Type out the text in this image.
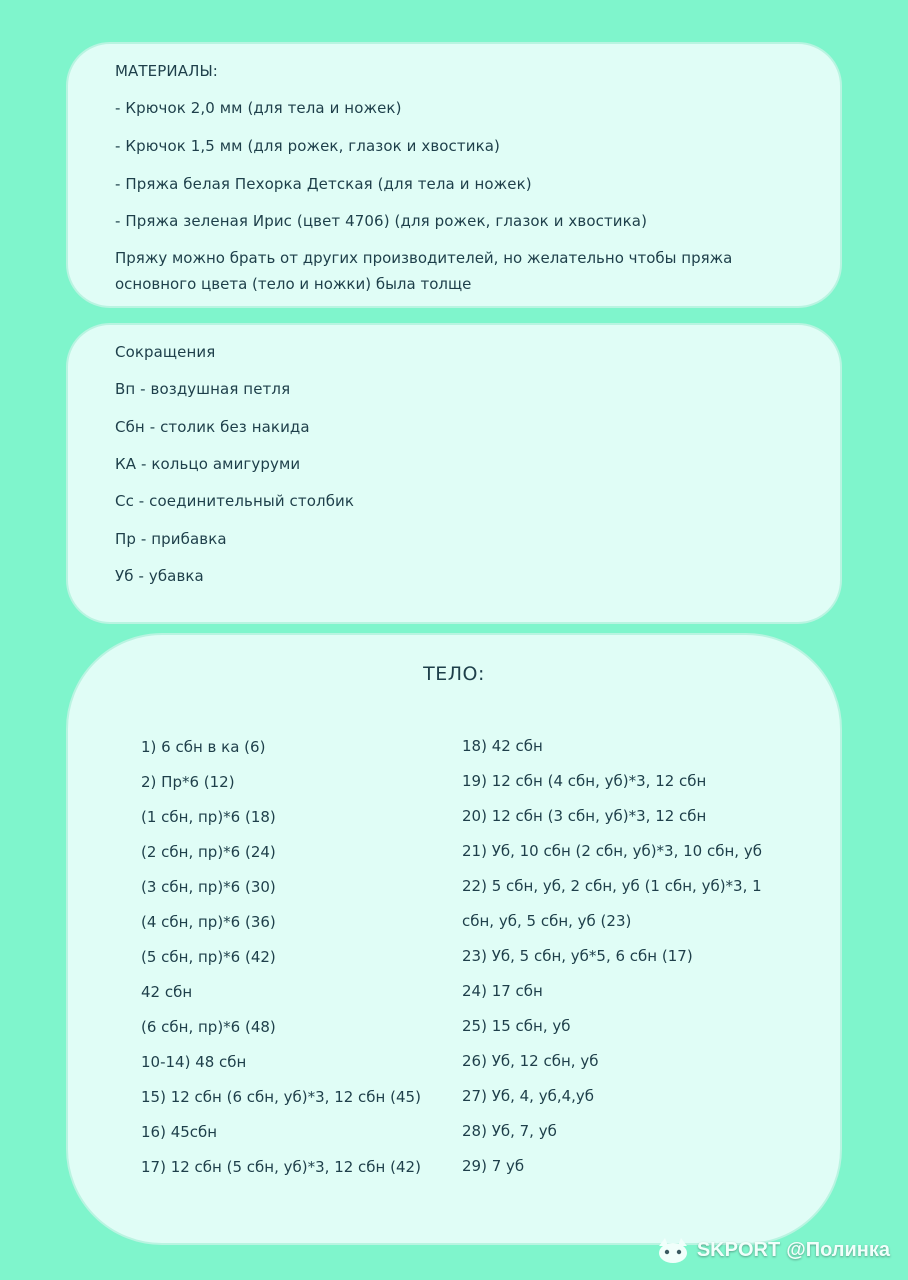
МАТЕРИАЛЫ:
- Крючок 2,0 мм (для тела и ножек)
- Крючок 1,5 мм (для рожек, глазок и хвостика)
- Пряжа белая Пехорка Детская (для тела и ножек)
- Пряжа зеленая Ирис (цвет 4706) (для рожек, глазок и хвостика)
Пряжу можно брать от других производителей, но желательно чтобы пряжа основного цвета (тело и ножки) была толще
Сокращения
Вп - воздушная петля
Сбн - столик без накида
КА - кольцо амигуруми
Сс - соединительный столбик
Пр - прибавка
Уб - убавка
ТЕЛО:
1) 6 сбн в ка (6)
2) Пр*6 (12)
(1 сбн, пр)*6 (18)
(2 сбн, пр)*6 (24)
(3 сбн, пр)*6 (30)
(4 сбн, пр)*6 (36)
(5 сбн, пр)*6 (42)
42 сбн
(6 сбн, пр)*6 (48)
10-14) 48 сбн
15) 12 сбн (6 сбн, уб)*3, 12 сбн (45)
16) 45сбн
17) 12 сбн (5 сбн, уб)*3, 12 сбн (42)
18) 42 сбн
19) 12 сбн (4 сбн, уб)*3, 12 сбн
20) 12 сбн (3 сбн, уб)*3, 12 сбн
21) Уб, 10 сбн (2 сбн, уб)*3, 10 сбн, уб
22) 5 сбн, уб, 2 сбн, уб (1 сбн, уб)*3, 1
сбн, уб, 5 сбн, уб (23)
23) Уб, 5 сбн, уб*5, 6 сбн (17)
24) 17 сбн
25) 15 сбн, уб
26) Уб, 12 сбн, уб
27) Уб, 4, уб,4,уб
28) Уб, 7, уб
29) 7 уб
SKPORT @Полинка
